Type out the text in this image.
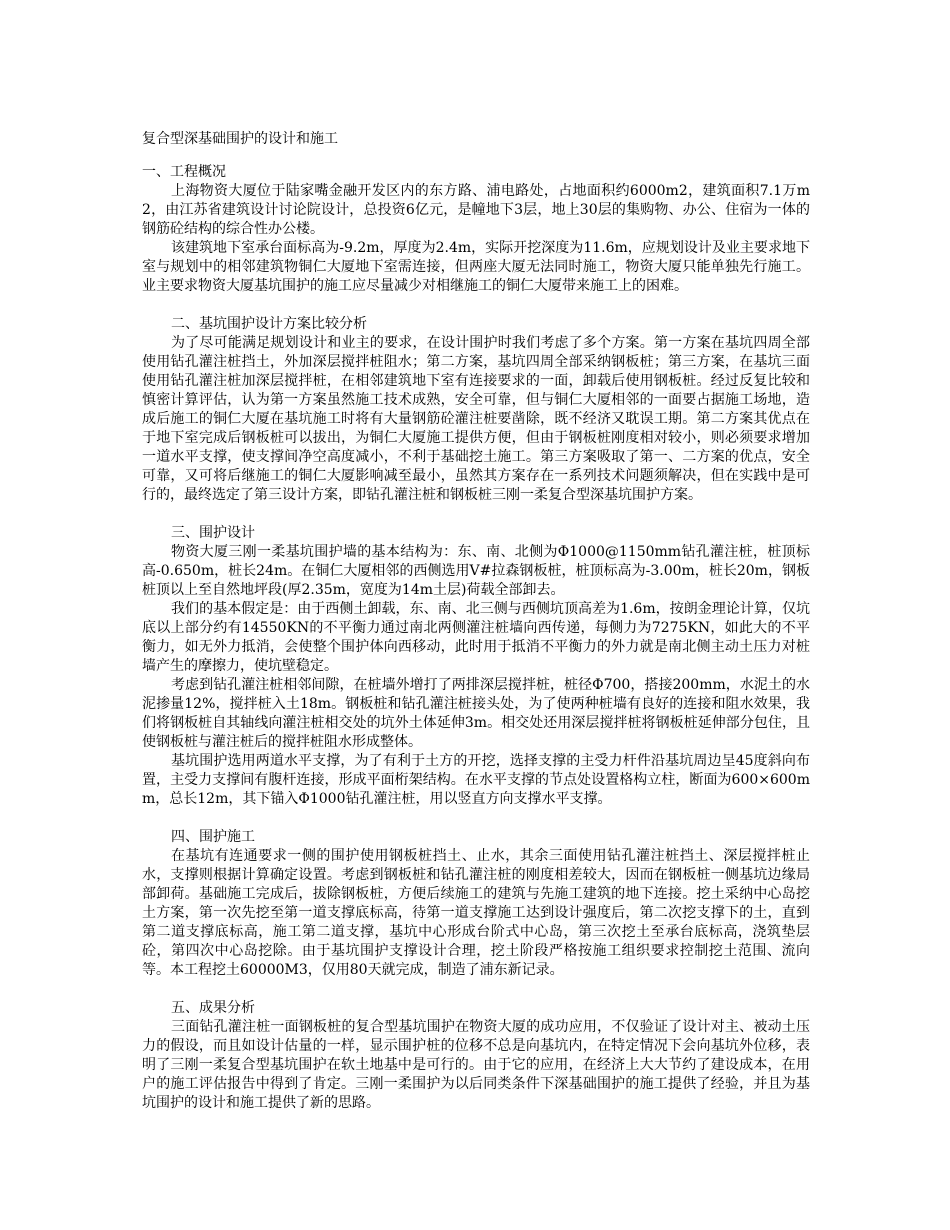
复合型深基础围护的设计和施工

一、工程概况

上海物资大厦位于陆家嘴金融开发区内的东方路、浦电路处，占地面积约6000m2，建筑面积7.1万m2，由江苏省建筑设计讨论院设计，总投资6亿元，是幢地下3层，地上30层的集购物、办公、住宿为一体的钢筋砼结构的综合性办公楼。

该建筑地下室承台面标高为-9.2m，厚度为2.4m，实际开挖深度为11.6m，应规划设计及业主要求地下室与规划中的相邻建筑物铜仁大厦地下室需连接，但两座大厦无法同时施工，物资大厦只能单独先行施工。业主要求物资大厦基坑围护的施工应尽量减少对相继施工的铜仁大厦带来施工上的困难。

二、基坑围护设计方案比较分析

为了尽可能满足规划设计和业主的要求，在设计围护时我们考虑了多个方案。第一方案在基坑四周全部使用钻孔灌注桩挡土，外加深层搅拌桩阻水；第二方案，基坑四周全部采纳钢板桩；第三方案，在基坑三面使用钻孔灌注桩加深层搅拌桩，在相邻建筑地下室有连接要求的一面，卸载后使用钢板桩。经过反复比较和慎密计算评估，认为第一方案虽然施工技术成熟，安全可靠，但与铜仁大厦相邻的一面要占据施工场地，造成后施工的铜仁大厦在基坑施工时将有大量钢筋砼灌注桩要凿除，既不经济又耽误工期。第二方案其优点在于地下室完成后钢板桩可以拔出，为铜仁大厦施工提供方便，但由于钢板桩刚度相对较小，则必须要求增加一道水平支撑，使支撑间净空高度减小，不利于基础挖土施工。第三方案吸取了第一、二方案的优点，安全可靠，又可将后继施工的铜仁大厦影响减至最小，虽然其方案存在一系列技术问题须解决，但在实践中是可行的，最终选定了第三设计方案，即钻孔灌注桩和钢板桩三刚一柔复合型深基坑围护方案。

三、围护设计

物资大厦三刚一柔基坑围护墙的基本结构为：东、南、北侧为Φ1000@1150mm钻孔灌注桩，桩顶标高-0.650m，桩长24m。在铜仁大厦相邻的西侧选用V#拉森钢板桩，桩顶标高为-3.00m，桩长20m，钢板桩顶以上至自然地坪段(厚2.35m，宽度为14m土层)荷载全部卸去。

我们的基本假定是：由于西侧土卸载，东、南、北三侧与西侧坑顶高差为1.6m，按朗金理论计算，仅坑底以上部分约有14550KN的不平衡力通过南北两侧灌注桩墙向西传递，每侧力为7275KN，如此大的不平衡力，如无外力抵消，会使整个围护体向西移动，此时用于抵消不平衡力的外力就是南北侧主动土压力对桩墙产生的摩擦力，使坑壁稳定。

考虑到钻孔灌注桩相邻间隙，在桩墙外增打了两排深层搅拌桩，桩径Φ700，搭接200mm，水泥土的水泥掺量12%，搅拌桩入土18m。钢板桩和钻孔灌注桩接头处，为了使两种桩墙有良好的连接和阻水效果，我们将钢板桩自其轴线向灌注桩相交处的坑外土体延伸3m。相交处还用深层搅拌桩将钢板桩延伸部分包住，且使钢板桩与灌注桩后的搅拌桩阻水形成整体。

基坑围护选用两道水平支撑，为了有利于土方的开挖，选择支撑的主受力杆件沿基坑周边呈45度斜向布置，主受力支撑间有腹杆连接，形成平面桁架结构。在水平支撑的节点处设置格构立柱，断面为600×600mm，总长12m，其下锚入Φ1000钻孔灌注桩，用以竖直方向支撑水平支撑。

四、围护施工

在基坑有连通要求一侧的围护使用钢板桩挡土、止水，其余三面使用钻孔灌注桩挡土、深层搅拌桩止水，支撑则根据计算确定设置。考虑到钢板桩和钻孔灌注桩的刚度相差较大，因而在钢板桩一侧基坑边缘局部卸荷。基础施工完成后，拔除钢板桩，方便后续施工的建筑与先施工建筑的地下连接。挖土采纳中心岛挖土方案，第一次先挖至第一道支撑底标高，待第一道支撑施工达到设计强度后，第二次挖支撑下的土，直到第二道支撑底标高，施工第二道支撑，基坑中心形成台阶式中心岛，第三次挖土至承台底标高，浇筑垫层砼，第四次中心岛挖除。由于基坑围护支撑设计合理，挖土阶段严格按施工组织要求控制挖土范围、流向等。本工程挖土60000M3，仅用80天就完成，制造了浦东新记录。

五、成果分析

三面钻孔灌注桩一面钢板桩的复合型基坑围护在物资大厦的成功应用，不仅验证了设计对主、被动土压力的假设，而且如设计估量的一样，显示围护桩的位移不总是向基坑内，在特定情况下会向基坑外位移，表明了三刚一柔复合型基坑围护在软土地基中是可行的。由于它的应用，在经济上大大节约了建设成本，在用户的施工评估报告中得到了肯定。三刚一柔围护为以后同类条件下深基础围护的施工提供了经验，并且为基坑围护的设计和施工提供了新的思路。
